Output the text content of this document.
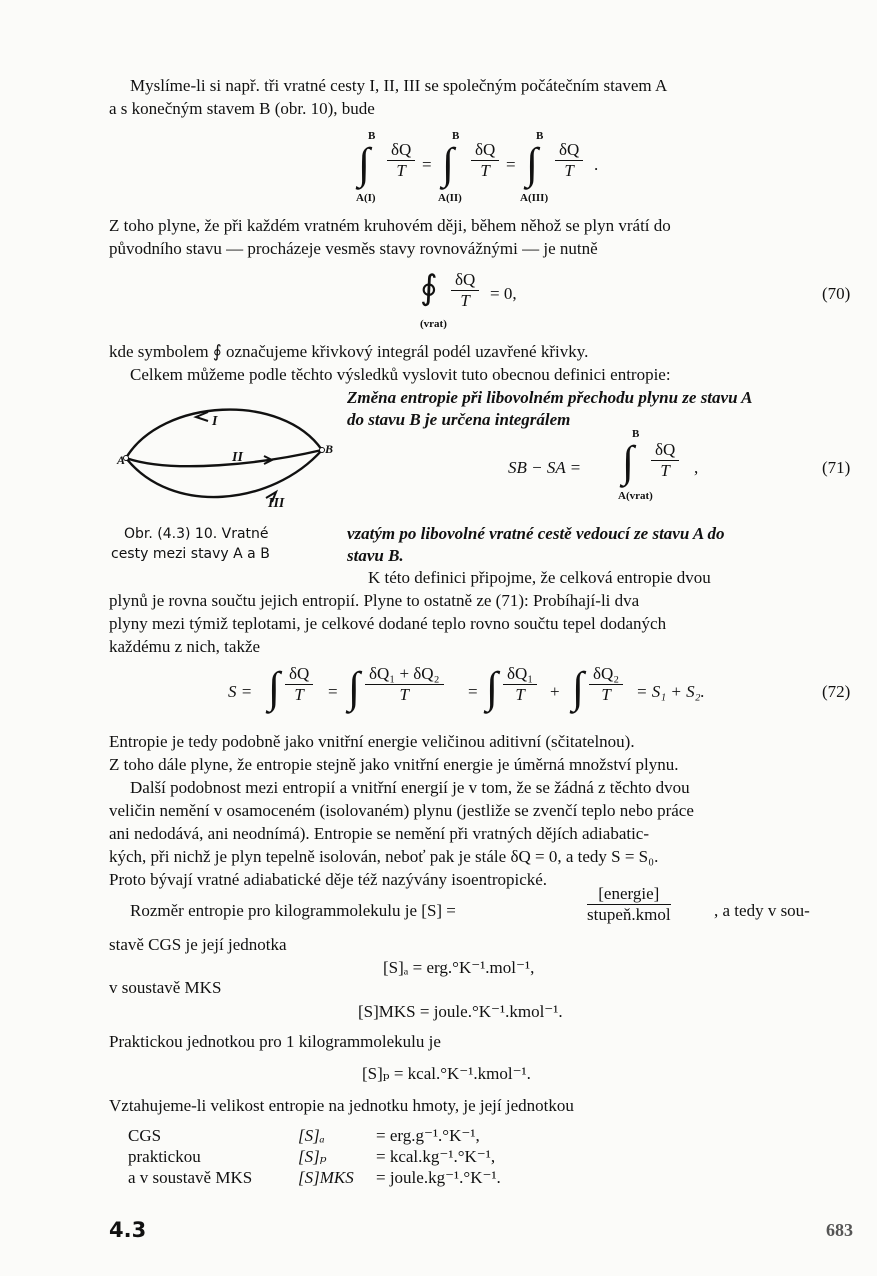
Myslíme-li si např. tři vratné cesty I, II, III se společným počátečním stavem A
a s konečným stavem B (obr. 10), bude
B
∫ $\frac{\delta Q}{T}$
A(I)
=
B
∫ $\frac{\delta Q}{T}$
A(II)
=
B
∫ $\frac{\delta Q}{T}$
A(III)
.
Z toho plyne, že při každém vratném kruhovém ději, během něhož se plyn vrátí do
původního stavu — procházeje vesměs stavy rovnovážnými — je nutně
∮ $\frac{\delta Q}{T} = 0$,
(vrat)
(70)
kde symbolem ∮ označujeme křivkový integrál podél uzavřené křivky.
Celkem můžeme podle těchto výsledků vyslovit tuto obecnou definici entropie:
Změna entropie při libovolném přechodu plynu ze stavu A
do stavu B je určena integrálem
SB − SA =
B
∫ $\frac{\delta Q}{T}$ ,
A(vrat)
(71)
A
B
I
II
III
Obr. (4.3) 10. Vratné
cesty mezi stavy A a B
vzatým po libovolné vratné cestě vedoucí ze stavu A do
stavu B.
K této definici připojme, že celková entropie dvou
plynů je rovna součtu jejich entropií. Plyne to ostatně ze (71): Probíhají-li dva
plyny mezi týmiž teplotami, je celkové dodané teplo rovno součtu tepel dodaných
každému z nich, takže
S = ∫ $\frac{\delta Q}{T}$ = ∫ $\frac{\text{δQ₁ + δQ₂}}{T}$ = ∫ $\frac{\text{δQ₁}}{T}$ + ∫ $\frac{\text{δQ₂}}{T} = S_1 + S_2$.	(72)
Entropie je tedy podobně jako vnitřní energie veličinou aditivní (sčitatelnou).
Z toho dále plyne, že entropie stejně jako vnitřní energie je úměrná množství plynu.
Další podobnost mezi entropií a vnitřní energií je v tom, že se žádná z těchto dvou
veličin nemění v osamoceném (isolovaném) plynu (jestliže se zvenčí teplo nebo práce
ani nedodává, ani neodnímá). Entropie se nemění při vratných dějích adiabatic-
kých, při nichž je plyn tepelně isolován, neboť pak je stále δQ = 0, a tedy S = S₀.
Proto bývají vratné adiabatické děje též nazývány isoentropické.
Rozměr entropie pro kilogrammolekulu je [S] =	$\frac{\text{[energie]}}{\text{stupeň.kmol}}$	, a tedy v sou-
stavě CGS je její jednotka
[S]ₐ = erg.°K⁻¹.mol⁻¹,
v soustavě MKS
[S]MKS = joule.°K⁻¹.kmol⁻¹.
Praktickou jednotkou pro 1 kilogrammolekulu je
[S]ₚ = kcal.°K⁻¹.kmol⁻¹.
Vztahujeme-li velikost entropie na jednotku hmoty, je její jednotkou
CGS	[S]ₐ	= erg.g⁻¹.°K⁻¹,
praktickou	[S]ₚ	= kcal.kg⁻¹.°K⁻¹,
a v soustavě MKS	[S]MKS = joule.kg⁻¹.°K⁻¹.
4.3	683
